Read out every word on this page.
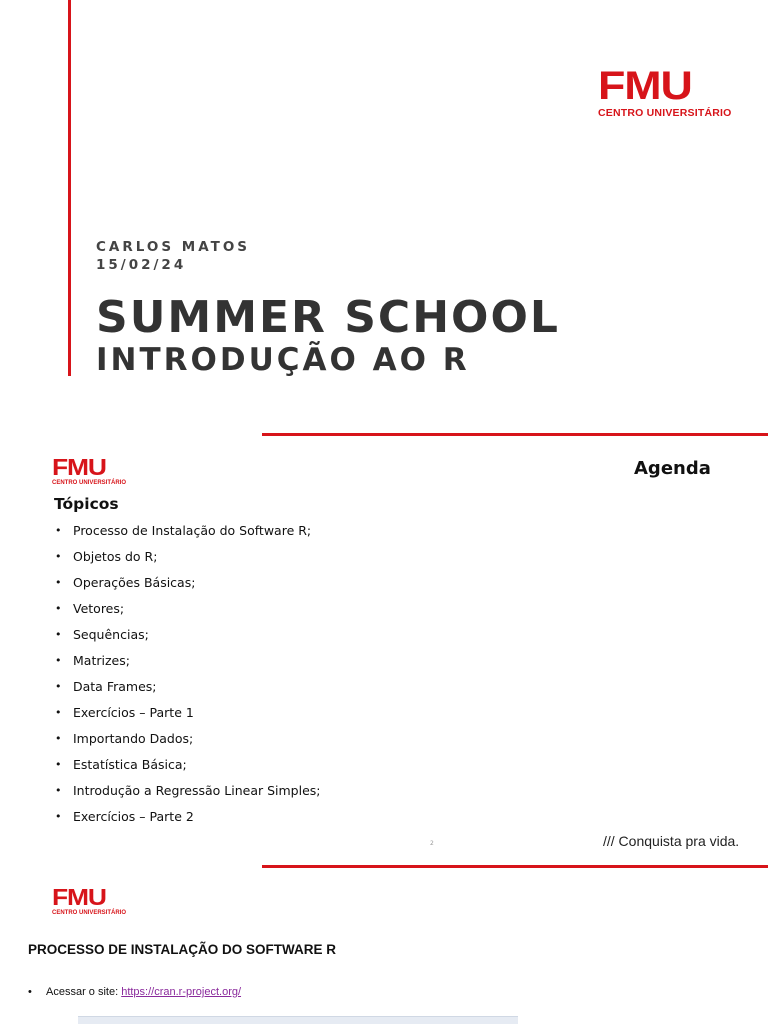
FMU
CENTRO UNIVERSITÁRIO
CARLOS MATOS
15/02/24
SUMMER SCHOOL
INTRODUÇÃO AO R
FMU
CENTRO UNIVERSITÁRIO
Agenda
Tópicos
• Processo de Instalação do Software R;
• Objetos do R;
• Operações Básicas;
• Vetores;
• Sequências;
• Matrizes;
• Data Frames;
• Exercícios – Parte 1
• Importando Dados;
• Estatística Básica;
• Introdução a Regressão Linear Simples;
• Exercícios – Parte 2
2	/// Conquista pra vida.
FMU
CENTRO UNIVERSITÁRIO
PROCESSO DE INSTALAÇÃO DO SOFTWARE R
• Acessar o site: https://cran.r-project.org/
